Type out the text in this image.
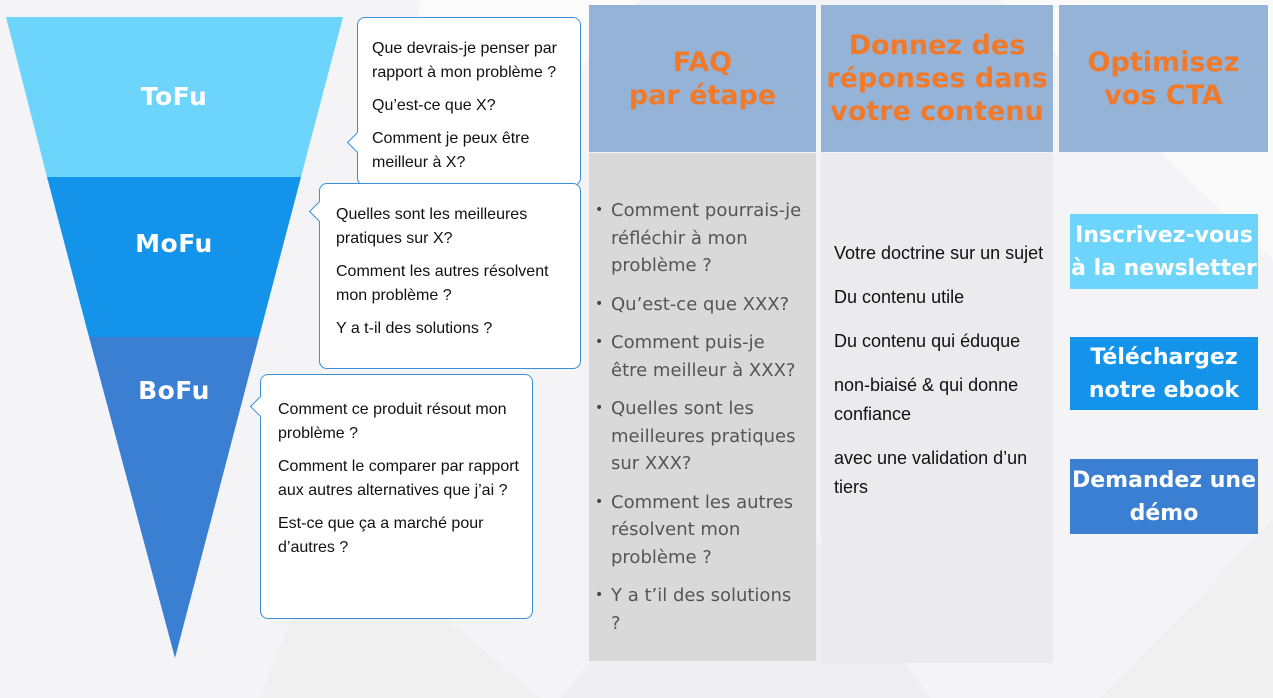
ToFu
MoFu
BoFu

Que devrais-je penser par rapport à mon problème ?

Qu’est-ce que X?

Comment je peux être meilleur à X?

Quelles sont les meilleures pratiques sur X?

Comment les autres résolvent mon problème ?

Y a t-il des solutions ?

Comment ce produit résout mon problème ?

Comment le comparer par rapport aux autres alternatives que j’ai ?

Est-ce que ça a marché pour d’autres ?

FAQ
par étape
Donnez des
réponses dans
votre contenu
Optimisez
vos CTA
• Comment pourrais-je réfléchir à mon problème ?
• Qu’est-ce que XXX?
• Comment puis-je être meilleur à XXX?
• Quelles sont les meilleures pratiques sur XXX?
• Comment les autres résolvent mon problème ?
• Y a t’il des solutions ?

Votre doctrine sur un sujet

Du contenu utile

Du contenu qui éduque

non-biaisé & qui donne confiance

avec une validation d’un tiers

Inscrivez-vous
à la newsletter
Téléchargez
notre ebook
Demandez une
démo
